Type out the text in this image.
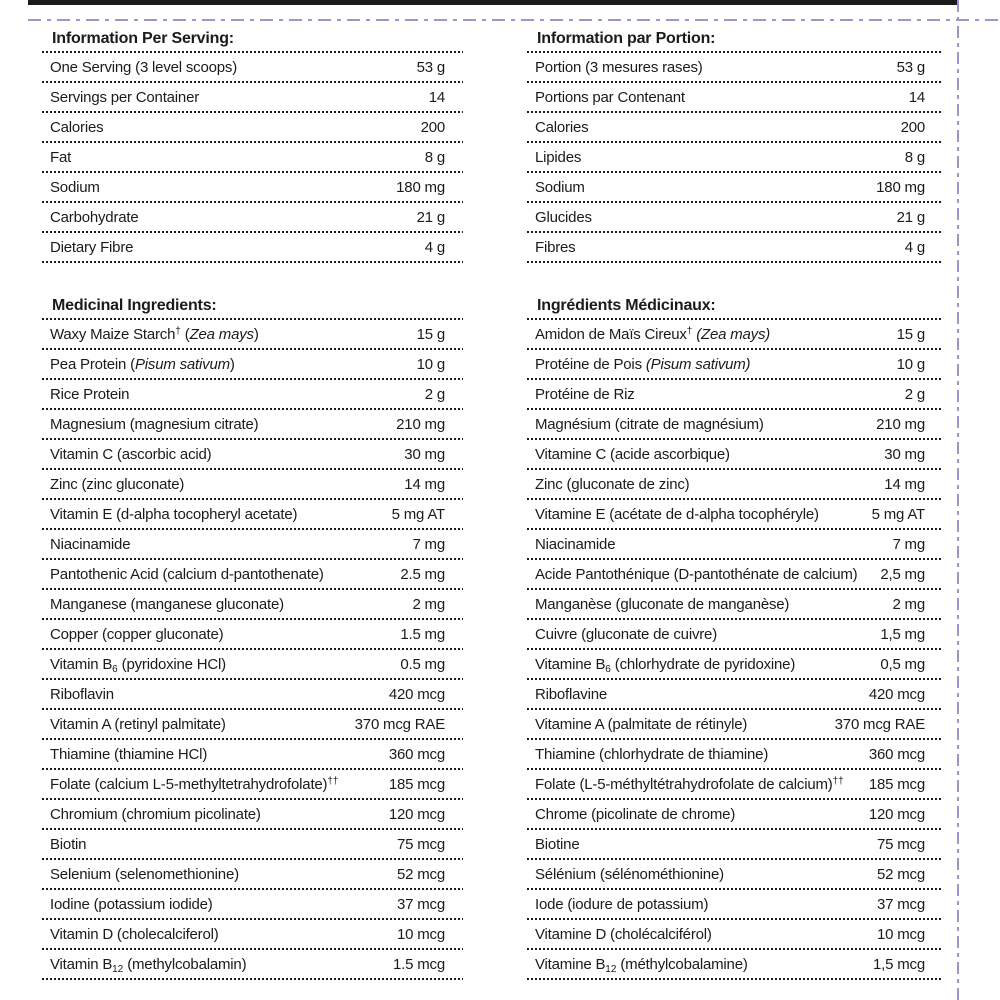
Information Per Serving:
One Serving (3 level scoops)	53 g
Servings per Container	14
Calories	200
Fat	8 g
Sodium	180 mg
Carbohydrate	21 g
Dietary Fibre	4 g
Medicinal Ingredients:
Waxy Maize Starch† (Zea mays)	15 g
Pea Protein (Pisum sativum)	10 g
Rice Protein	2 g
Magnesium (magnesium citrate)	210 mg
Vitamin C (ascorbic acid)	30 mg
Zinc (zinc gluconate)	14 mg
Vitamin E (d-alpha tocopheryl acetate)	5 mg AT
Niacinamide	7 mg
Pantothenic Acid (calcium d-pantothenate)	2.5 mg
Manganese (manganese gluconate)	2 mg
Copper (copper gluconate)	1.5 mg
Vitamin $B_6$ (pyridoxine HCl)	0.5 mg
Riboflavin	420 mcg
Vitamin A (retinyl palmitate)	370 mcg RAE
Thiamine (thiamine HCl)	360 mcg
Folate (calcium L-5-methyltetrahydrofolate)††	185 mcg
Chromium (chromium picolinate)	120 mcg
Biotin	75 mcg
Selenium (selenomethionine)	52 mcg
Iodine (potassium iodide)	37 mcg
Vitamin D (cholecalciferol)	10 mcg
Vitamin $B_{12}$ (methylcobalamin)	1.5 mcg
Information par Portion:
Portion (3 mesures rases)	53 g
Portions par Contenant	14
Calories	200
Lipides	8 g
Sodium	180 mg
Glucides	21 g
Fibres	4 g
Ingrédients Médicinaux:
Amidon de Maïs Cireux† (Zea mays)	15 g
Protéine de Pois (Pisum sativum)	10 g
Protéine de Riz	2 g
Magnésium (citrate de magnésium)	210 mg
Vitamine C (acide ascorbique)	30 mg
Zinc (gluconate de zinc)	14 mg
Vitamine E (acétate de d-alpha tocophéryle)	5 mg AT
Niacinamide	7 mg
Acide Pantothénique (D-pantothénate de calcium)	2,5 mg
Manganèse (gluconate de manganèse)	2 mg
Cuivre (gluconate de cuivre)	1,5 mg
Vitamine $B_6$ (chlorhydrate de pyridoxine)	0,5 mg
Riboflavine	420 mcg
Vitamine A (palmitate de rétinyle)	370 mcg RAE
Thiamine (chlorhydrate de thiamine)	360 mcg
Folate (L-5-méthyltétrahydrofolate de calcium)††	185 mcg
Chrome (picolinate de chrome)	120 mcg
Biotine	75 mcg
Sélénium (sélénométhionine)	52 mcg
Iode (iodure de potassium)	37 mcg
Vitamine D (cholécalciférol)	10 mcg
Vitamine $B_{12}$ (méthylcobalamine)	1,5 mcg
